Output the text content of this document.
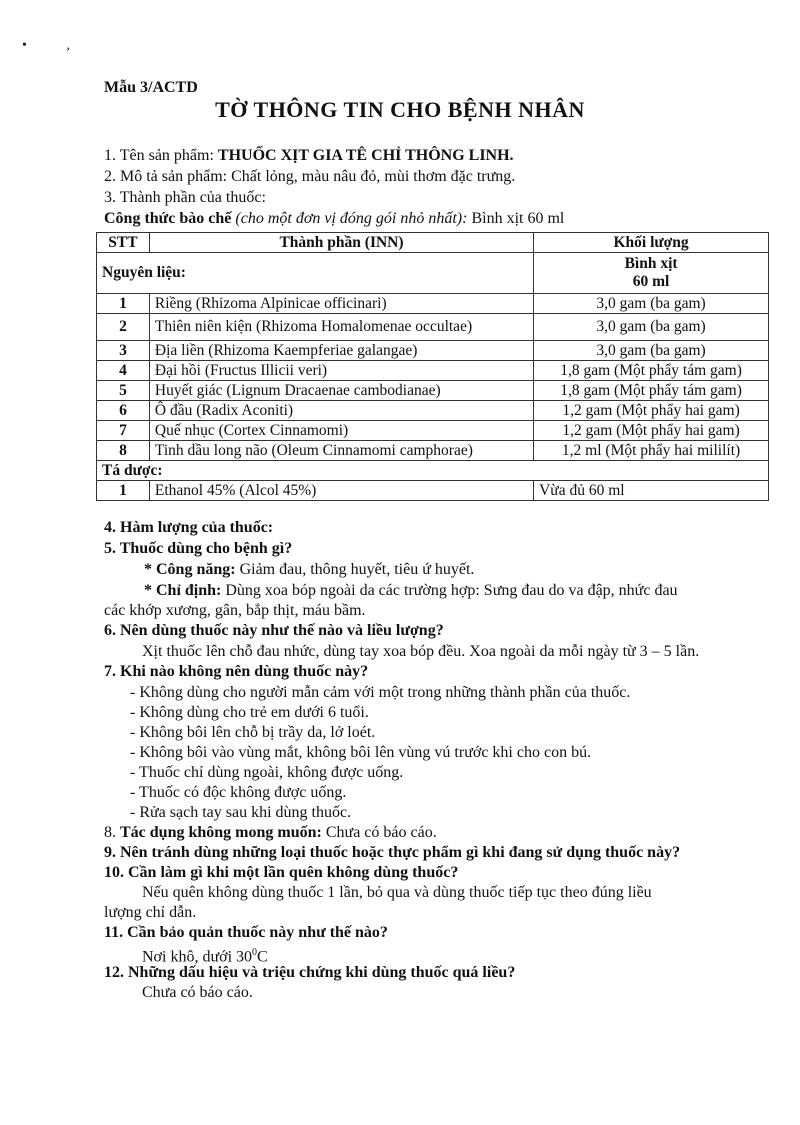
• ,
Mẫu 3/ACTD
TỜ THÔNG TIN CHO BỆNH NHÂN
1. Tên sản phẩm: THUỐC XỊT GIA TÊ CHỈ THÔNG LINH.
2. Mô tả sản phẩm: Chất lỏng, màu nâu đỏ, mùi thơm đặc trưng.
3. Thành phần của thuốc:
Công thức bào chế (cho một đơn vị đóng gói nhỏ nhất): Bình xịt 60 ml
STT	Thành phần (INN)	Khối lượng
Nguyên liệu:		Bình xịt
60 ml

1	Riềng (Rhizoma Alpinicae officinari)	3,0 gam (ba gam)
2	Thiên niên kiện (Rhizoma Homalomenae occultae)	3,0 gam (ba gam)
3	Địa liền (Rhizoma Kaempferiae galangae)	3,0 gam (ba gam)
4	Đại hồi (Fructus Illicii veri)	1,8 gam (Một phẩy tám gam)
5	Huyết giác (Lignum Dracaenae cambodianae)	1,8 gam (Một phẩy tám gam)
6	Ô đầu (Radix Aconiti)	1,2 gam (Một phẩy hai gam)
7	Quế nhục (Cortex Cinnamomi)	1,2 gam (Một phẩy hai gam)
8	Tinh dầu long não (Oleum Cinnamomi camphorae)	1,2 ml (Một phẩy hai mililít)
Tá dược:		
1	Ethanol 45% (Alcol 45%)	Vừa đủ 60 ml
4. Hàm lượng của thuốc:
5. Thuốc dùng cho bệnh gì?
* Công năng: Giảm đau, thông huyết, tiêu ứ huyết.
* Chỉ định: Dùng xoa bóp ngoài da các trường hợp: Sưng đau do va đập, nhức đau
các khớp xương, gân, bắp thịt, máu bầm.
6. Nên dùng thuốc này như thế nào và liều lượng?
Xịt thuốc lên chỗ đau nhức, dùng tay xoa bóp đều. Xoa ngoài da mỗi ngày từ 3 – 5 lần.
7. Khi nào không nên dùng thuốc này?
- Không dùng cho người mẫn cảm với một trong những thành phần của thuốc.
- Không dùng cho trẻ em dưới 6 tuổi.
- Không bôi lên chỗ bị trầy da, lở loét.
- Không bôi vào vùng mắt, không bôi lên vùng vú trước khi cho con bú.
- Thuốc chỉ dùng ngoài, không được uống.
- Thuốc có độc không được uống.
- Rửa sạch tay sau khi dùng thuốc.
8. Tác dụng không mong muốn: Chưa có báo cáo.
9. Nên tránh dùng những loại thuốc hoặc thực phẩm gì khi đang sử dụng thuốc này?
10. Cần làm gì khi một lần quên không dùng thuốc?
Nếu quên không dùng thuốc 1 lần, bỏ qua và dùng thuốc tiếp tục theo đúng liều
lượng chỉ dẫn.
11. Cần bảo quản thuốc này như thế nào?
Nơi khô, dưới $30^0C$
12. Những dấu hiệu và triệu chứng khi dùng thuốc quá liều?
Chưa có báo cáo.
